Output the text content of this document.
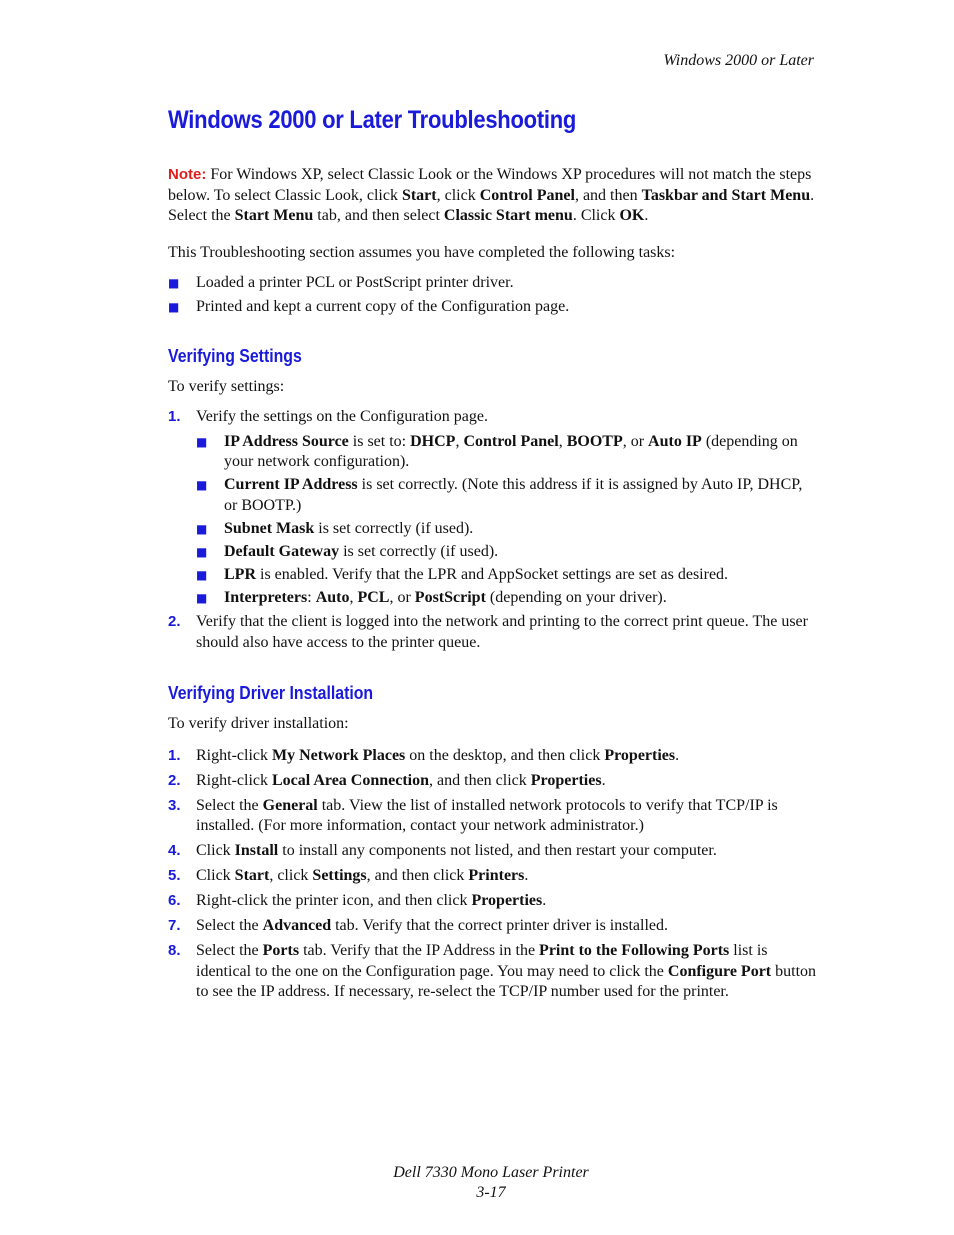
Windows 2000 or Later
Windows 2000 or Later Troubleshooting

Note: For Windows XP, select Classic Look or the Windows XP procedures will not match the steps below. To select Classic Look, click Start, click Control Panel, and then Taskbar and Start Menu. Select the Start Menu tab, and then select Classic Start menu. Click OK.

This Troubleshooting section assumes you have completed the following tasks:

■ Loaded a printer PCL or PostScript printer driver.
■ Printed and kept a current copy of the Configuration page.
Verifying Settings

To verify settings:

1. Verify the settings on the Configuration page.
■ IP Address Source is set to: DHCP, Control Panel, BOOTP, or Auto IP (depending on your network configuration).
■ Current IP Address is set correctly. (Note this address if it is assigned by Auto IP, DHCP, or BOOTP.)
■ Subnet Mask is set correctly (if used).
■ Default Gateway is set correctly (if used).
■ LPR is enabled. Verify that the LPR and AppSocket settings are set as desired.
■ Interpreters: Auto, PCL, or PostScript (depending on your driver).
2. Verify that the client is logged into the network and printing to the correct print queue. The user should also have access to the printer queue.
Verifying Driver Installation

To verify driver installation:

1. Right-click My Network Places on the desktop, and then click Properties.
2. Right-click Local Area Connection, and then click Properties.
3. Select the General tab. View the list of installed network protocols to verify that TCP/IP is installed. (For more information, contact your network administrator.)
4. Click Install to install any components not listed, and then restart your computer.
5. Click Start, click Settings, and then click Printers.
6. Right-click the printer icon, and then click Properties.
7. Select the Advanced tab. Verify that the correct printer driver is installed.
8. Select the Ports tab. Verify that the IP Address in the Print to the Following Ports list is identical to the one on the Configuration page. You may need to click the Configure Port button to see the IP address. If necessary, re-select the TCP/IP number used for the printer.
Dell 7330 Mono Laser Printer
3-17
